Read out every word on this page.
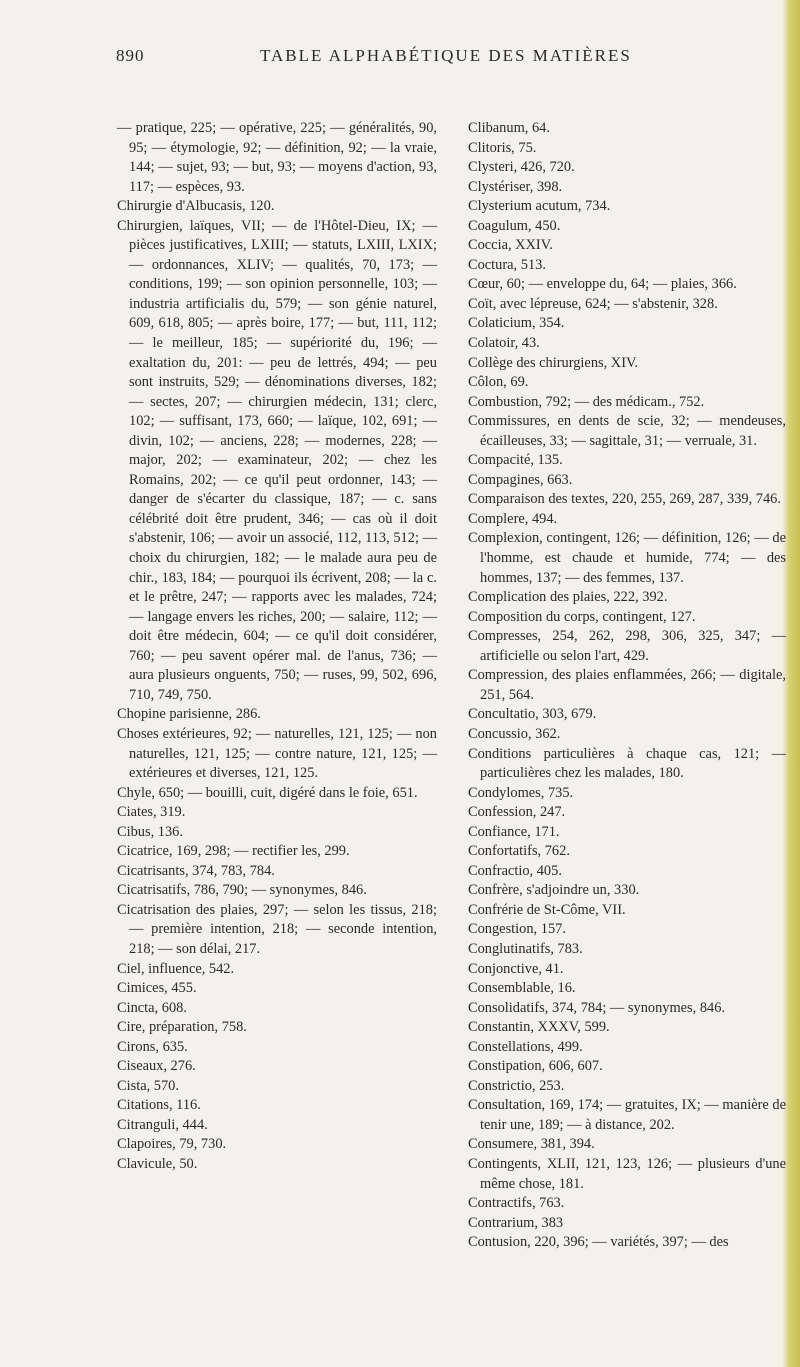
890	TABLE ALPHABÉTIQUE DES MATIÈRES

— pratique, 225; — opérative, 225; — généralités, 90, 95; — étymologie, 92; — définition, 92; — la vraie, 144; — sujet, 93; — but, 93; — moyens d'action, 93, 117; — espèces, 93.

Chirurgie d'Albucasis, 120.

Chirurgien, laïques, VII; — de l'Hôtel-Dieu, IX; — pièces justificatives, LXIII; — statuts, LXIII, LXIX; — ordonnances, XLIV; — qualités, 70, 173; — conditions, 199; — son opinion personnelle, 103; — industria artificialis du, 579; — son génie naturel, 609, 618, 805; — après boire, 177; — but, 111, 112; — le meilleur, 185; — supériorité du, 196; — exaltation du, 201: — peu de lettrés, 494; — peu sont instruits, 529; — dénominations diverses, 182; — sectes, 207; — chirurgien médecin, 131; clerc, 102; — suffisant, 173, 660; — laïque, 102, 691; — divin, 102; — anciens, 228; — modernes, 228; — major, 202; — examinateur, 202; — chez les Romains, 202; — ce qu'il peut ordonner, 143; — danger de s'écarter du classique, 187; — c. sans célébrité doit être prudent, 346; — cas où il doit s'abstenir, 106; — avoir un associé, 112, 113, 512; — choix du chirurgien, 182; — le malade aura peu de chir., 183, 184; — pourquoi ils écrivent, 208; — la c. et le prêtre, 247; — rapports avec les malades, 724; — langage envers les riches, 200; — salaire, 112; — doit être médecin, 604; — ce qu'il doit considérer, 760; — peu savent opérer mal. de l'anus, 736; — aura plusieurs onguents, 750; — ruses, 99, 502, 696, 710, 749, 750.

Chopine parisienne, 286.

Choses extérieures, 92; — naturelles, 121, 125; — non naturelles, 121, 125; — contre nature, 121, 125; — extérieures et diverses, 121, 125.

Chyle, 650; — bouilli, cuit, digéré dans le foie, 651.

Ciates, 319.

Cibus, 136.

Cicatrice, 169, 298; — rectifier les, 299.

Cicatrisants, 374, 783, 784.

Cicatrisatifs, 786, 790; — synonymes, 846.

Cicatrisation des plaies, 297; — selon les tissus, 218; — première intention, 218; — seconde intention, 218; — son délai, 217.

Ciel, influence, 542.

Cimices, 455.

Cincta, 608.

Cire, préparation, 758.

Cirons, 635.

Ciseaux, 276.

Cista, 570.

Citations, 116.

Citranguli, 444.

Clapoires, 79, 730.

Clavicule, 50.

Clibanum, 64.

Clitoris, 75.

Clysteri, 426, 720.

Clystériser, 398.

Clysterium acutum, 734.

Coagulum, 450.

Coccia, XXIV.

Coctura, 513.

Cœur, 60; — enveloppe du, 64; — plaies, 366.

Coït, avec lépreuse, 624; — s'abstenir, 328.

Colaticium, 354.

Colatoir, 43.

Collège des chirurgiens, XIV.

Côlon, 69.

Combustion, 792; — des médicam., 752.

Commissures, en dents de scie, 32; — mendeuses, écailleuses, 33; — sagittale, 31; — verruale, 31.

Compacité, 135.

Compagines, 663.

Comparaison des textes, 220, 255, 269, 287, 339, 746.

Complere, 494.

Complexion, contingent, 126; — définition, 126; — de l'homme, est chaude et humide, 774; — des hommes, 137; — des femmes, 137.

Complication des plaies, 222, 392.

Composition du corps, contingent, 127.

Compresses, 254, 262, 298, 306, 325, 347; — artificielle ou selon l'art, 429.

Compression, des plaies enflammées, 266; — digitale, 251, 564.

Concultatio, 303, 679.

Concussio, 362.

Conditions particulières à chaque cas, 121; — particulières chez les malades, 180.

Condylomes, 735.

Confession, 247.

Confiance, 171.

Confortatifs, 762.

Confractio, 405.

Confrère, s'adjoindre un, 330.

Confrérie de St-Côme, VII.

Congestion, 157.

Conglutinatifs, 783.

Conjonctive, 41.

Consemblable, 16.

Consolidatifs, 374, 784; — synonymes, 846.

Constantin, XXXV, 599.

Constellations, 499.

Constipation, 606, 607.

Constrictio, 253.

Consultation, 169, 174; — gratuites, IX; — manière de tenir une, 189; — à distance, 202.

Consumere, 381, 394.

Contingents, XLII, 121, 123, 126; — plusieurs d'une même chose, 181.

Contractifs, 763.

Contrarium, 383

Contusion, 220, 396; — variétés, 397; — des
